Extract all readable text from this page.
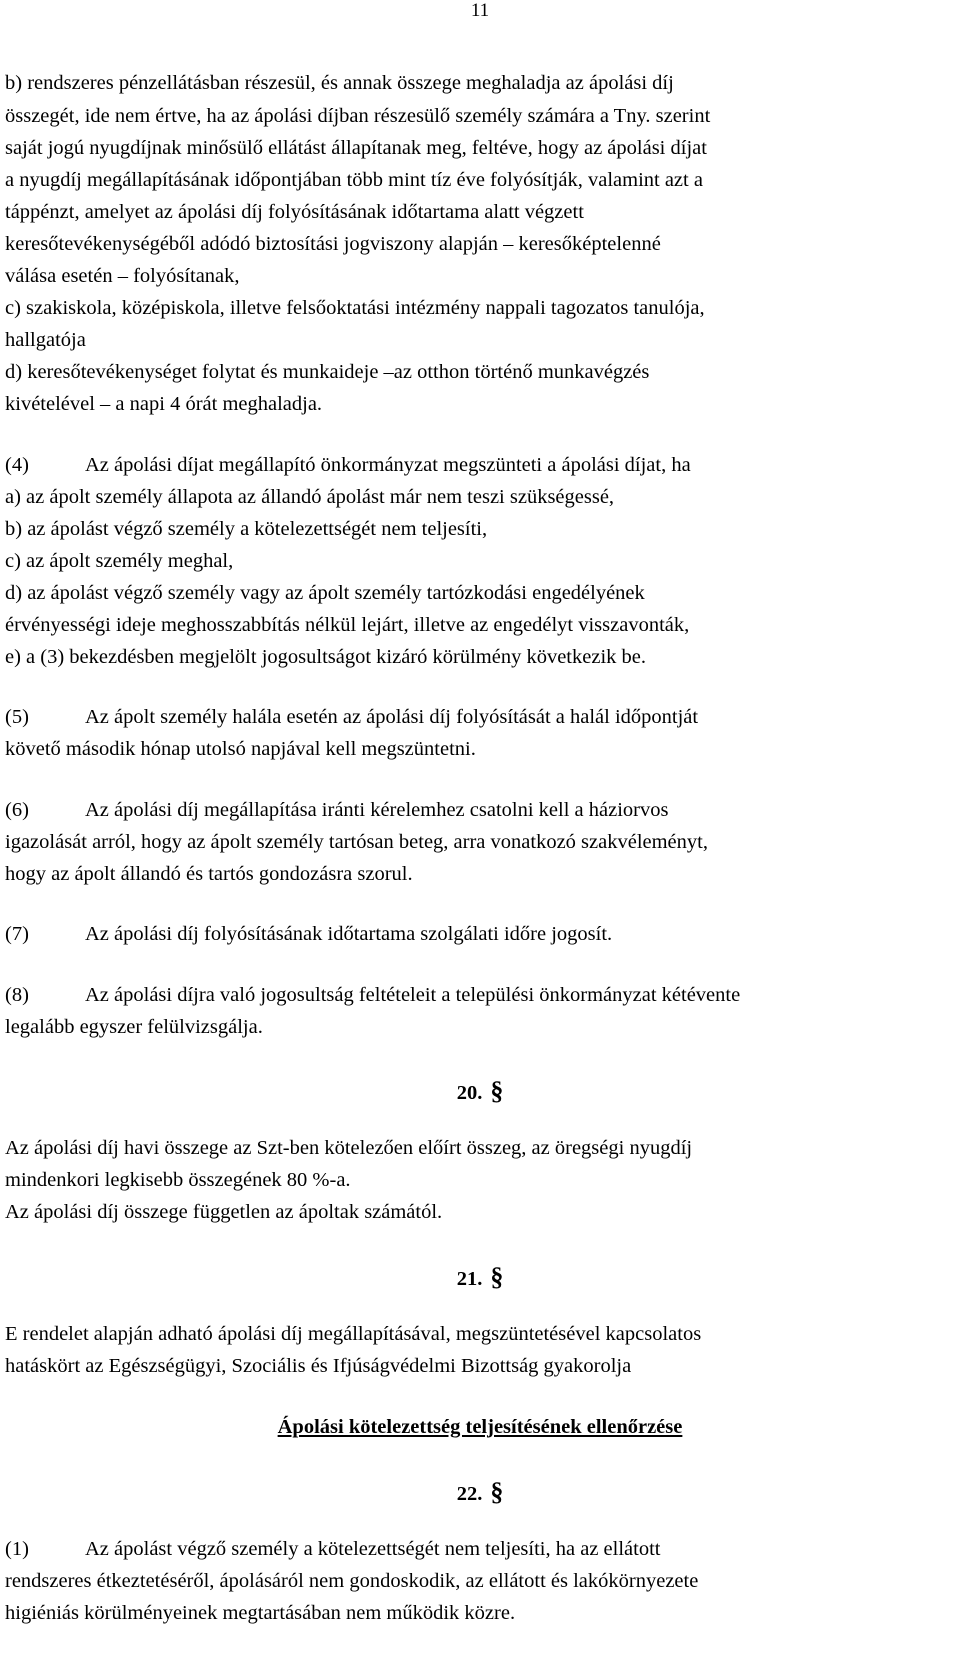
11
b) rendszeres pénzellátásban részesül, és annak összege meghaladja az ápolási díj
összegét, ide nem értve, ha az ápolási díjban részesülő személy számára a Tny. szerint
saját jogú nyugdíjnak minősülő ellátást állapítanak meg, feltéve, hogy az ápolási díjat
a nyugdíj megállapításának időpontjában több mint tíz éve folyósítják, valamint azt a
táppénzt, amelyet az ápolási díj folyósításának időtartama alatt végzett
keresőtevékenységéből adódó biztosítási jogviszony alapján – keresőképtelenné
válása esetén – folyósítanak,
c) szakiskola, középiskola, illetve felsőoktatási intézmény nappali tagozatos tanulója,
hallgatója
d) keresőtevékenységet folytat és munkaideje –az otthon történő munkavégzés
kivételével – a napi 4 órát meghaladja.
(4)	Az ápolási díjat megállapító önkormányzat megszünteti a ápolási díjat, ha
a) az ápolt személy állapota az állandó ápolást már nem teszi szükségessé,
b) az ápolást végző személy a kötelezettségét nem teljesíti,
c) az ápolt személy meghal,
d) az ápolást végző személy vagy az ápolt személy tartózkodási engedélyének
érvényességi ideje meghosszabbítás nélkül lejárt, illetve az engedélyt visszavonták,
e) a (3) bekezdésben megjelölt jogosultságot kizáró körülmény következik be.
(5)	Az ápolt személy halála esetén az ápolási díj folyósítását a halál időpontját
követő második hónap utolsó napjával kell megszüntetni.
(6)	Az ápolási díj megállapítása iránti kérelemhez csatolni kell a háziorvos
igazolását arról, hogy az ápolt személy tartósan beteg, arra vonatkozó szakvéleményt,
hogy az ápolt állandó és tartós gondozásra szorul.
(7)	Az ápolási díj folyósításának időtartama szolgálati időre jogosít.
(8)	Az ápolási díjra való jogosultság feltételeit a települési önkormányzat kétévente
legalább egyszer felülvizsgálja.
20. §
Az ápolási díj havi összege az Szt-ben kötelezően előírt összeg, az öregségi nyugdíj
mindenkori legkisebb összegének 80 %-a.
Az ápolási díj összege független az ápoltak számától.
21. §
E rendelet alapján adható ápolási díj megállapításával, megszüntetésével kapcsolatos
hatáskört az Egészségügyi, Szociális és Ifjúságvédelmi Bizottság gyakorolja
Ápolási kötelezettség teljesítésének ellenőrzése
22. §
(1)	Az ápolást végző személy a kötelezettségét nem teljesíti, ha az ellátott
rendszeres étkeztetéséről, ápolásáról nem gondoskodik, az ellátott és lakókörnyezete
higiéniás körülményeinek megtartásában nem működik közre.
